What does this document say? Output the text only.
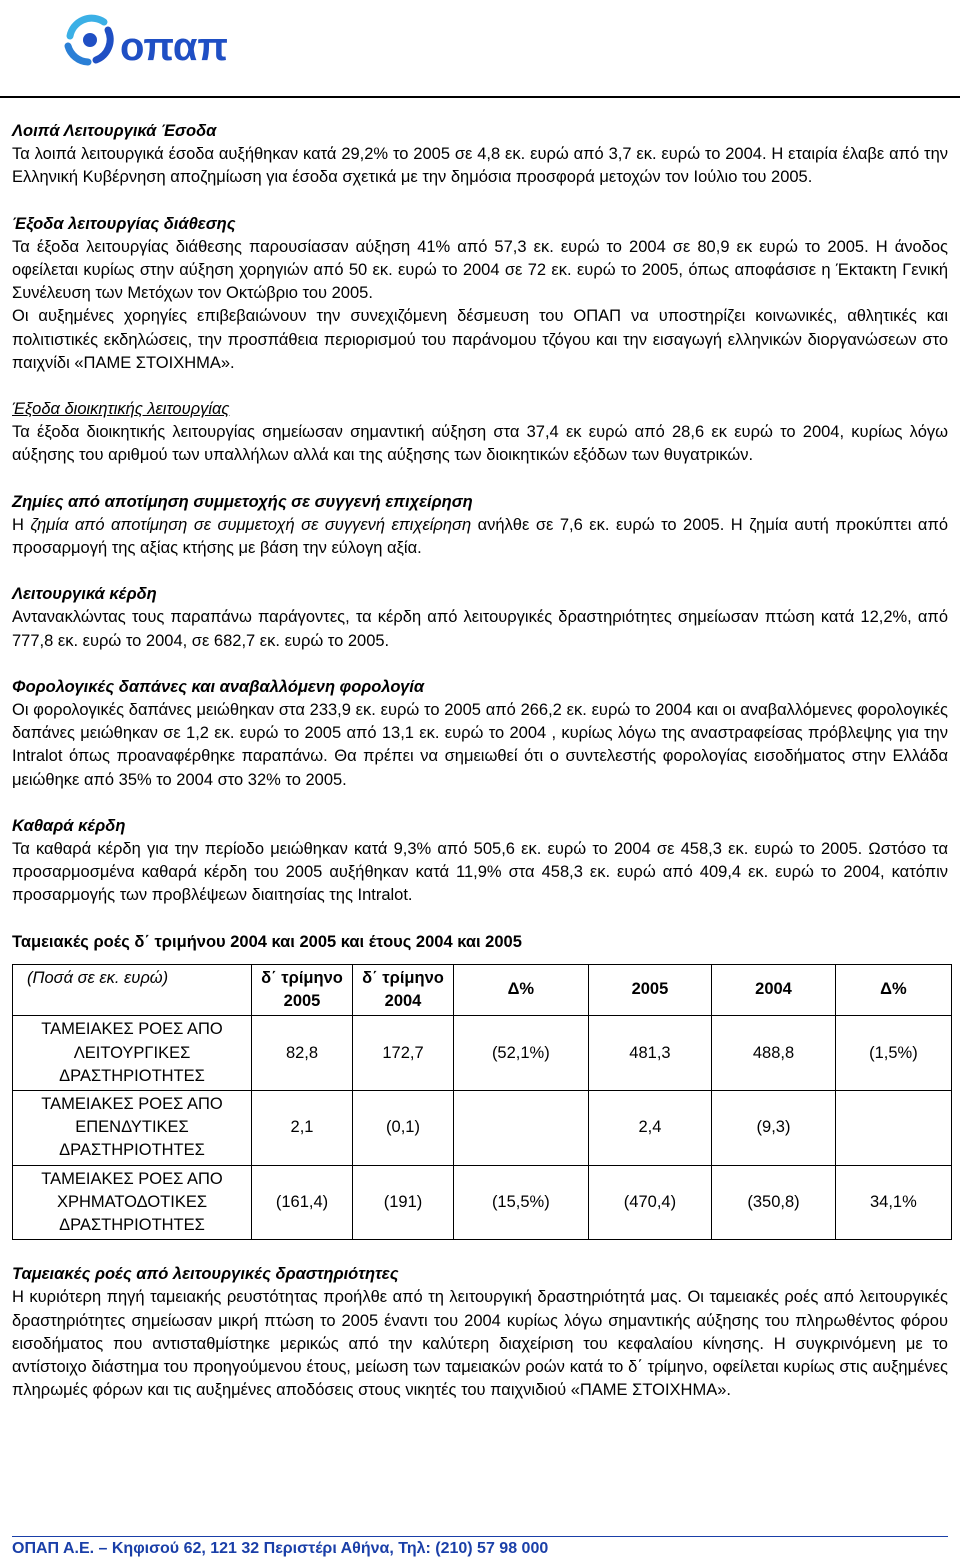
οπαπ

Λοιπά Λειτουργικά Έσοδα

Τα λοιπά λειτουργικά έσοδα αυξήθηκαν κατά 29,2% το 2005 σε 4,8 εκ. ευρώ από 3,7 εκ. ευρώ το 2004. Η εταιρία έλαβε από την Ελληνική Κυβέρνηση αποζημίωση για έσοδα σχετικά με την δημόσια προσφορά μετοχών τον Ιούλιο του 2005.

Έξοδα λειτουργίας διάθεσης

Τα έξοδα λειτουργίας διάθεσης παρουσίασαν αύξηση 41% από 57,3 εκ. ευρώ το 2004 σε 80,9 εκ ευρώ το 2005. Η άνοδος οφείλεται κυρίως στην αύξηση χορηγιών από 50 εκ. ευρώ το 2004 σε 72 εκ. ευρώ το 2005, όπως αποφάσισε η Έκτακτη Γενική Συνέλευση των Μετόχων τον Οκτώβριο του 2005.

Οι αυξημένες χορηγίες επιβεβαιώνουν την συνεχιζόμενη δέσμευση του ΟΠΑΠ να υποστηρίζει κοινωνικές, αθλητικές και πολιτιστικές εκδηλώσεις, την προσπάθεια περιορισμού του παράνομου τζόγου και την εισαγωγή ελληνικών διοργανώσεων στο παιχνίδι «ΠΑΜΕ ΣΤΟΙΧΗΜΑ».

Έξοδα διοικητικής λειτουργίας

Τα έξοδα διοικητικής λειτουργίας σημείωσαν σημαντική αύξηση στα 37,4 εκ ευρώ από 28,6 εκ ευρώ το 2004, κυρίως λόγω αύξησης του αριθμού των υπαλλήλων αλλά και της αύξησης των διοικητικών εξόδων των θυγατρικών.

Ζημίες από αποτίμηση συμμετοχής σε συγγενή επιχείρηση

Η ζημία από αποτίμηση σε συμμετοχή σε συγγενή επιχείρηση ανήλθε σε 7,6 εκ. ευρώ το 2005. Η ζημία αυτή προκύπτει από προσαρμογή της αξίας κτήσης με βάση την εύλογη αξία.

Λειτουργικά κέρδη

Αντανακλώντας τους παραπάνω παράγοντες, τα κέρδη από λειτουργικές δραστηριότητες σημείωσαν πτώση κατά 12,2%, από 777,8 εκ. ευρώ το 2004, σε 682,7 εκ. ευρώ το 2005.

Φορολογικές δαπάνες και αναβαλλόμενη φορολογία

Οι φορολογικές δαπάνες μειώθηκαν στα 233,9 εκ. ευρώ το 2005 από 266,2 εκ. ευρώ το 2004 και οι αναβαλλόμενες φορολογικές δαπάνες μειώθηκαν σε 1,2 εκ. ευρώ το 2005 από 13,1 εκ. ευρώ το 2004 , κυρίως λόγω της αναστραφείσας πρόβλεψης για την Intralot όπως προαναφέρθηκε παραπάνω. Θα πρέπει να σημειωθεί ότι ο συντελεστής φορολογίας εισοδήματος στην Ελλάδα μειώθηκε από 35% το 2004 στο 32% το 2005.

Καθαρά κέρδη

Τα καθαρά κέρδη για την περίοδο μειώθηκαν κατά 9,3% από 505,6 εκ. ευρώ το 2004 σε 458,3 εκ. ευρώ το 2005. Ωστόσο τα προσαρμοσμένα καθαρά κέρδη του 2005 αυξήθηκαν κατά 11,9% στα 458,3 εκ. ευρώ από 409,4 εκ. ευρώ το 2004, κατόπιν προσαρμογής των προβλέψεων διαιτησίας της Intralot.

Ταμειακές ροές δ΄ τριμήνου 2004 και 2005 και έτους 2004 και 2005

(Ποσά σε εκ. ευρώ)	δ΄ τρίμηνο 2005	δ΄ τρίμηνο 2004	Δ%	2005	2004	Δ%
ΤΑΜΕΙΑΚΕΣ ΡΟΕΣ ΑΠΟ ΛΕΙΤΟΥΡΓΙΚΕΣ ΔΡΑΣΤΗΡΙΟΤΗΤΕΣ	82,8	172,7	(52,1%)	481,3	488,8	(1,5%)
ΤΑΜΕΙΑΚΕΣ ΡΟΕΣ ΑΠΟ ΕΠΕΝΔΥΤΙΚΕΣ ΔΡΑΣΤΗΡΙΟΤΗΤΕΣ	2,1	(0,1)		2,4	(9,3)	
ΤΑΜΕΙΑΚΕΣ ΡΟΕΣ ΑΠΟ ΧΡΗΜΑΤΟΔΟΤΙΚΕΣ ΔΡΑΣΤΗΡΙΟΤΗΤΕΣ	(161,4)	(191)	(15,5%)	(470,4)	(350,8)	34,1%

Ταμειακές ροές από λειτουργικές δραστηριότητες

Η κυριότερη πηγή ταμειακής ρευστότητας προήλθε από τη λειτουργική δραστηριότητά μας. Οι ταμειακές ροές από λειτουργικές δραστηριότητες σημείωσαν μικρή πτώση το 2005 έναντι του 2004 κυρίως λόγω σημαντικής αύξησης του πληρωθέντος φόρου εισοδήματος που αντισταθμίστηκε μερικώς από την καλύτερη διαχείριση του κεφαλαίου κίνησης. Η συγκρινόμενη με το αντίστοιχο διάστημα του προηγούμενου έτους, μείωση των ταμειακών ροών κατά το δ΄ τρίμηνο, οφείλεται κυρίως στις αυξημένες πληρωμές φόρων και τις αυξημένες αποδόσεις στους νικητές του παιχνιδιού «ΠΑΜΕ ΣΤΟΙΧΗΜΑ».

ΟΠΑΠ Α.Ε. – Κηφισού 62, 121 32 Περιστέρι Αθήνα, Τηλ: (210) 57 98 000
